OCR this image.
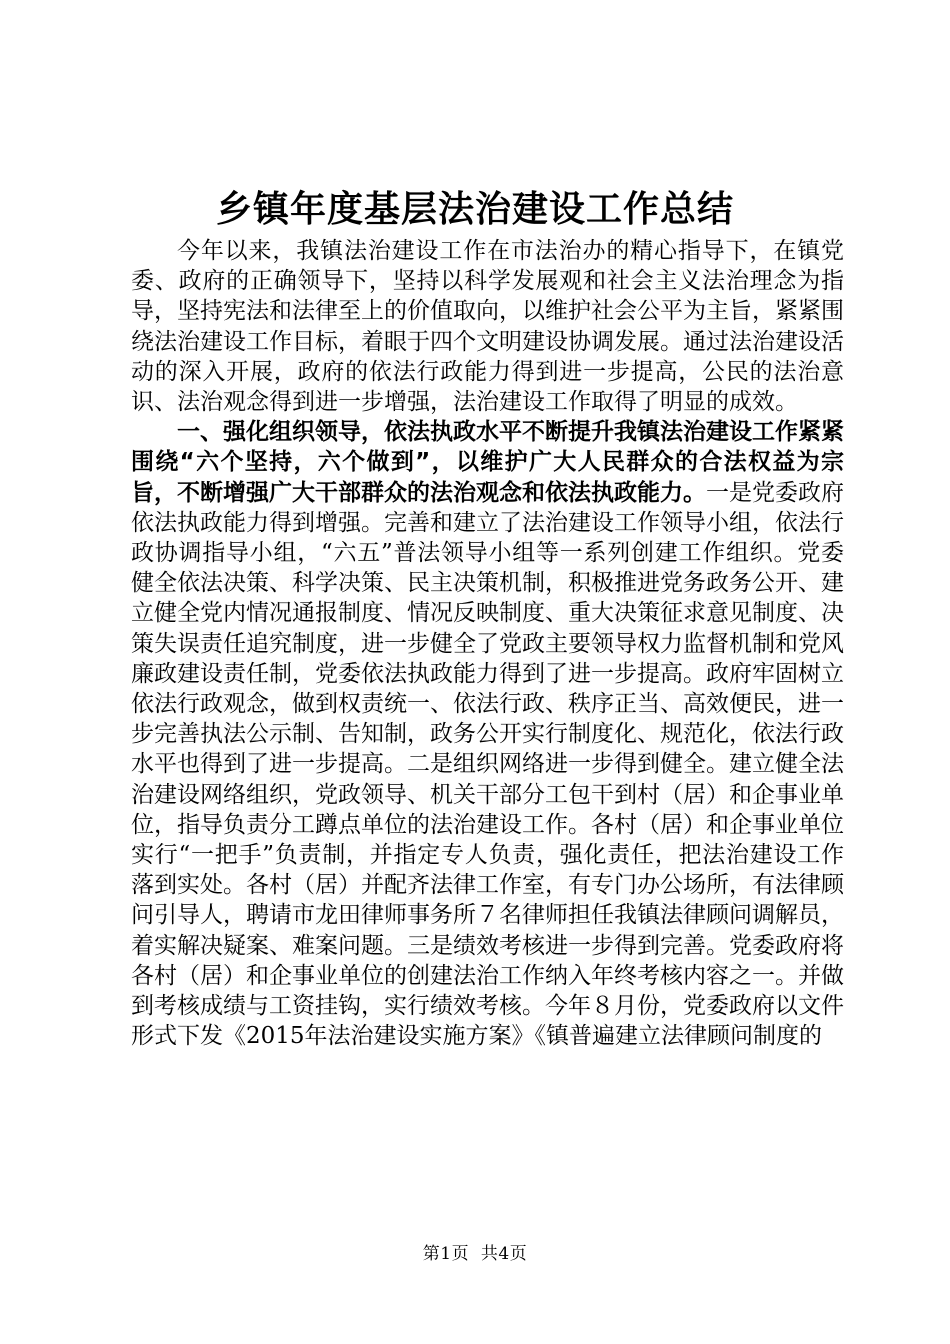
乡镇年度基层法治建设工作总结

今年以来，我镇法治建设工作在市法治办的精心指导下，在镇党委、政府的正确领导下，坚持以科学发展观和社会主义法治理念为指导，坚持宪法和法律至上的价值取向，以维护社会公平为主旨，紧紧围绕法治建设工作目标，着眼于四个文明建设协调发展。通过法治建设活动的深入开展，政府的依法行政能力得到进一步提高，公民的法治意识、法治观念得到进一步增强，法治建设工作取得了明显的成效。

一、强化组织领导，依法执政水平不断提升我镇法治建设工作紧紧围绕“六个坚持，六个做到”，以维护广大人民群众的合法权益为宗旨，不断增强广大干部群众的法治观念和依法执政能力。一是党委政府依法执政能力得到增强。完善和建立了法治建设工作领导小组，依法行政协调指导小组，“六五”普法领导小组等一系列创建工作组织。党委健全依法决策、科学决策、民主决策机制，积极推进党务政务公开、建立健全党内情况通报制度、情况反映制度、重大决策征求意见制度、决策失误责任追究制度，进一步健全了党政主要领导权力监督机制和党风廉政建设责任制，党委依法执政能力得到了进一步提高。政府牢固树立依法行政观念，做到权责统一、依法行政、秩序正当、高效便民，进一步完善执法公示制、告知制，政务公开实行制度化、规范化，依法行政水平也得到了进一步提高。二是组织网络进一步得到健全。建立健全法治建设网络组织，党政领导、机关干部分工包干到村（居）和企事业单位，指导负责分工蹲点单位的法治建设工作。各村（居）和企事业单位实行“一把手”负责制，并指定专人负责，强化责任，把法治建设工作落到实处。各村（居）并配齐法律工作室，有专门办公场所，有法律顾问引导人，聘请市龙田律师事务所７名律师担任我镇法律顾问调解员，着实解决疑案、难案问题。三是绩效考核进一步得到完善。党委政府将各村（居）和企事业单位的创建法治工作纳入年终考核内容之一。并做到考核成绩与工资挂钩，实行绩效考核。今年８月份，党委政府以文件形式下发《2015年法治建设实施方案》《镇普遍建立法律顾问制度的

第1页 共4页
